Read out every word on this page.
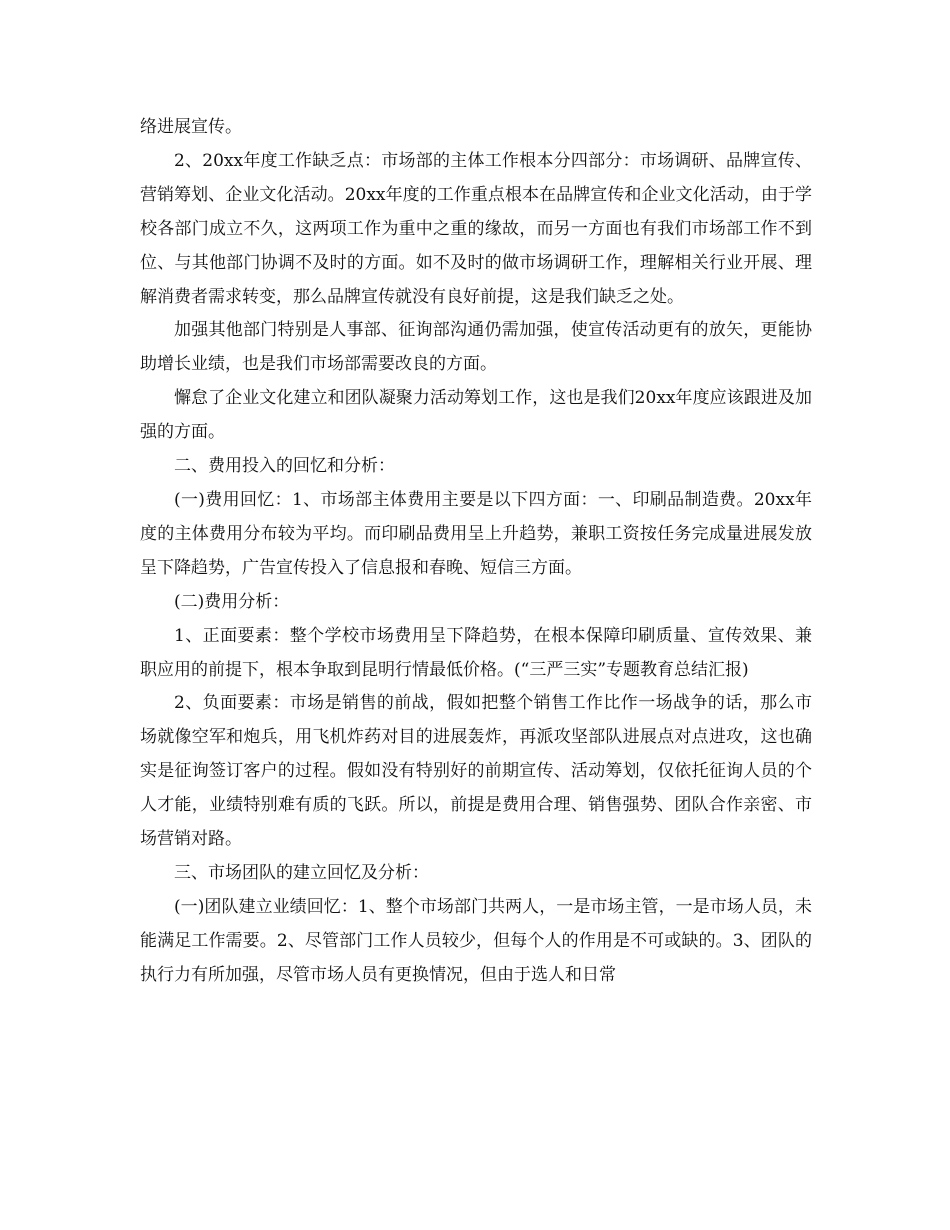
络进展宣传。

2、20xx年度工作缺乏点：市场部的主体工作根本分四部分：市场调研、品牌宣传、营销筹划、企业文化活动。20xx年度的工作重点根本在品牌宣传和企业文化活动，由于学校各部门成立不久，这两项工作为重中之重的缘故，而另一方面也有我们市场部工作不到位、与其他部门协调不及时的方面。如不及时的做市场调研工作，理解相关行业开展、理解消费者需求转变，那么品牌宣传就没有良好前提，这是我们缺乏之处。

加强其他部门特别是人事部、征询部沟通仍需加强，使宣传活动更有的放矢，更能协助增长业绩，也是我们市场部需要改良的方面。

懈怠了企业文化建立和团队凝聚力活动筹划工作，这也是我们20xx年度应该跟进及加强的方面。

二、费用投入的回忆和分析：

(一)费用回忆：1、市场部主体费用主要是以下四方面：一、印刷品制造费。20xx年度的主体费用分布较为平均。而印刷品费用呈上升趋势，兼职工资按任务完成量进展发放呈下降趋势，广告宣传投入了信息报和春晚、短信三方面。

(二)费用分析：

1、正面要素：整个学校市场费用呈下降趋势，在根本保障印刷质量、宣传效果、兼职应用的前提下，根本争取到昆明行情最低价格。(“三严三实”专题教育总结汇报)

2、负面要素：市场是销售的前战，假如把整个销售工作比作一场战争的话，那么市场就像空军和炮兵，用飞机炸药对目的进展轰炸，再派攻坚部队进展点对点进攻，这也确实是征询签订客户的过程。假如没有特别好的前期宣传、活动筹划，仅依托征询人员的个人才能，业绩特别难有质的飞跃。所以，前提是费用合理、销售强势、团队合作亲密、市场营销对路。

三、市场团队的建立回忆及分析：

(一)团队建立业绩回忆：1、整个市场部门共两人，一是市场主管，一是市场人员，未能满足工作需要。2、尽管部门工作人员较少，但每个人的作用是不可或缺的。3、团队的执行力有所加强，尽管市场人员有更换情况，但由于选人和日常
